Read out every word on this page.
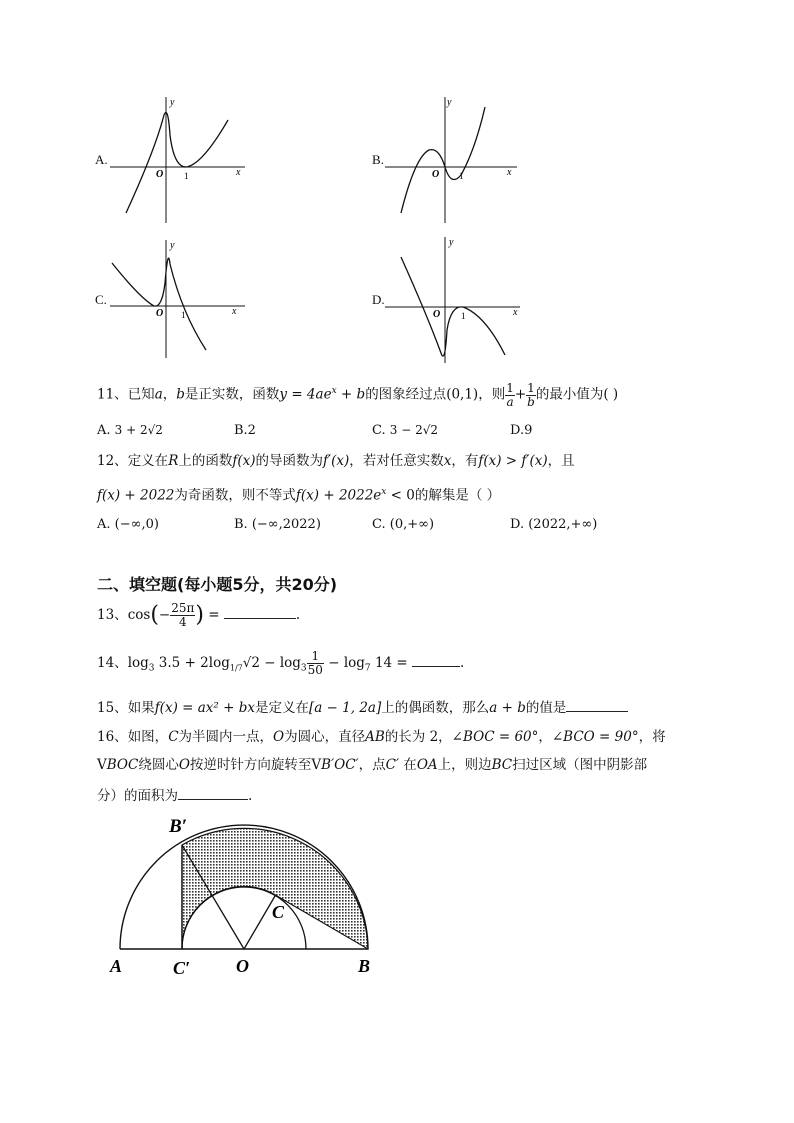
A.
y
x
O 1
B.
y
x
O 1
C.
y
x
O 1
D.
y
x
O 1
11、已知a，b是正实数，函数$y = 4ae^x + b$的图象经过点(0,1)，则 $\frac{1}{a} + \frac{1}{b}$ 的最小值为( )
A. 3 + 2√2	B.2	C. 3 − 2√2	D.9
12、定义在R上的函数f(x)的导函数为f′(x)，若对任意实数x，有f(x) > f′(x)，且
f(x) + 2022为奇函数，则不等式$f(x) + 2022e^x < 0$的解集是（ ）
A. (−∞,0)	B. (−∞,2022)	C. (0,+∞)	D. (2022,+∞)
二、填空题(每小题5分，共20分)
13、$\cos(- \frac{25\pi}{4}$ ) =	.
14、$\log_3 3.5 + 2\log_{1/7}√2 - \log_3 \frac{1}{50} - \log_7 14$ =	.
15、如果f(x) = ax² + bx是定义在[a − 1, 2a]上的偶函数，那么a + b的值是
16、如图，C为半圆内一点，O为圆心，直径AB的长为 2，∠BOC = 60°，∠BCO = 90°，将
VBOC绕圆心O按逆时针方向旋转至VB′OC′，点C′ 在OA上，则边BC扫过区域（图中阴影部
分）的面积为	.
B′
C
A	C′	O	B
